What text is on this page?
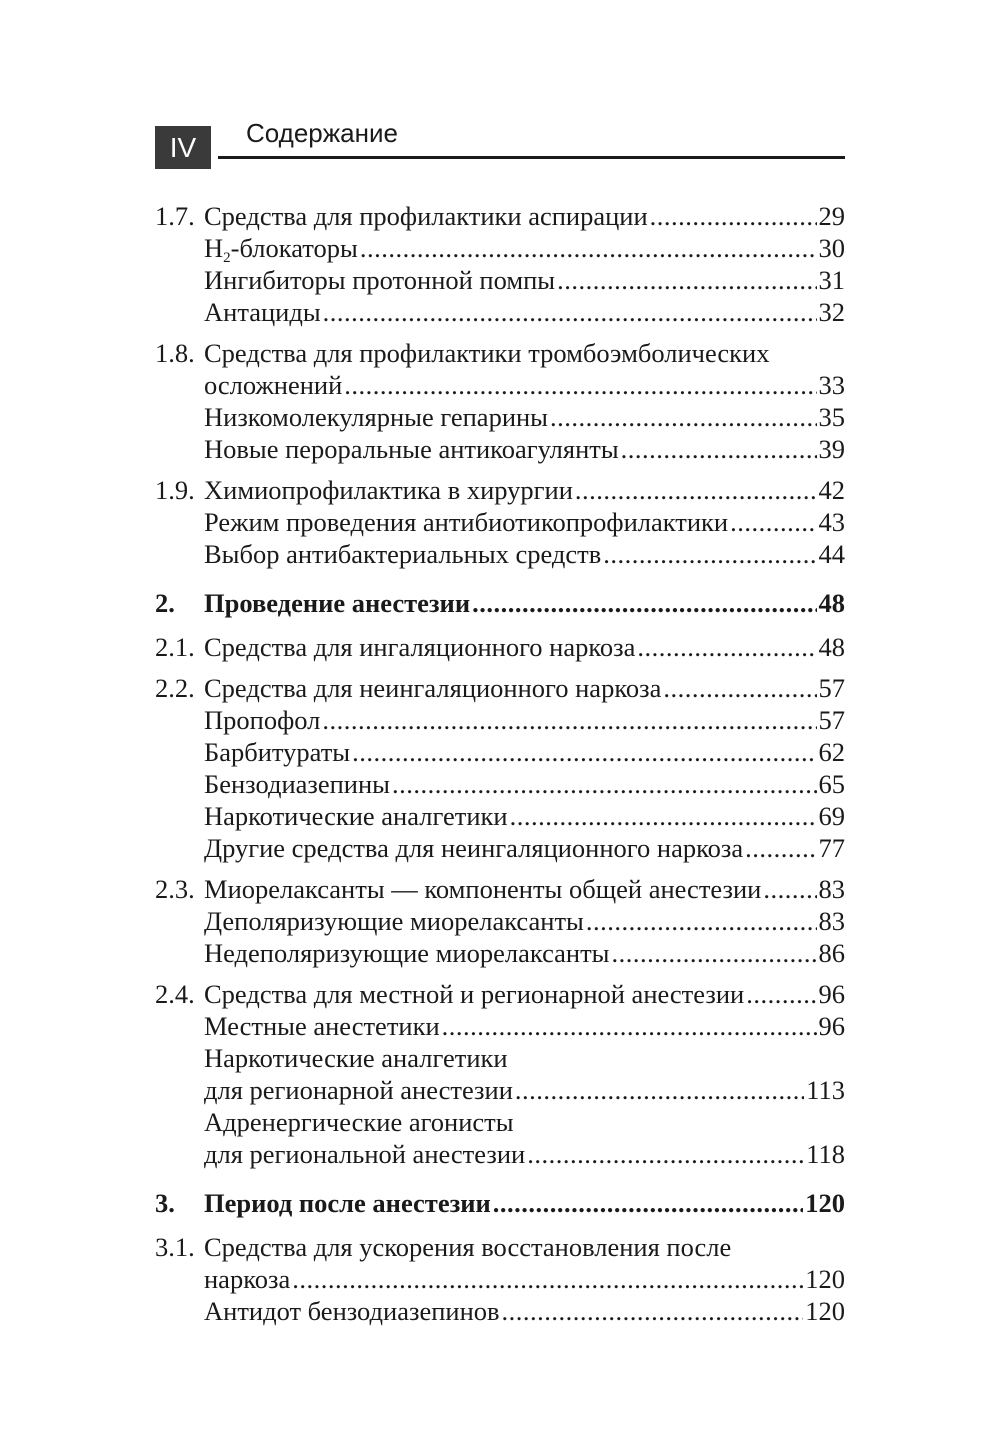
IV	Содержание
1.7. Средства для профилактики аспирации .....	29
$H_2$-блокаторы .....	30
Ингибиторы протонной помпы .....	31
Антациды .....	32
1.8. Средства для профилактики тромбоэмболических
осложнений .....	33
Низкомолекулярные гепарины .....	35
Новые пероральные антикоагулянты .....	39
1.9. Химиопрофилактика в хирургии .....	42
Режим проведения антибиотикопрофилактики .....	43
Выбор антибактериальных средств .....	44
2.	Проведение анестезии .....	48
2.1. Средства для ингаляционного наркоза .....	48
2.2. Средства для неингаляционного наркоза .....	57
Пропофол .....	57
Барбитураты .....	62
Бензодиазепины .....	65
Наркотические аналгетики .....	69
Другие средства для неингаляционного наркоза .....	77
2.3. Миорелаксанты — компоненты общей анестезии ..... 83
Деполяризующие миорелаксанты .....	83
Недеполяризующие миорелаксанты .....	86
2.4. Средства для местной и регионарной анестезии .....	96
Местные анестетики .....	96
Наркотические аналгетики
для регионарной анестезии .....	113
Адренергические агонисты
для региональной анестезии .....	118
3.	Период после анестезии .....	120
3.1. Средства для ускорения восстановления после
наркоза .....	120
Антидот бензодиазепинов .....	120
